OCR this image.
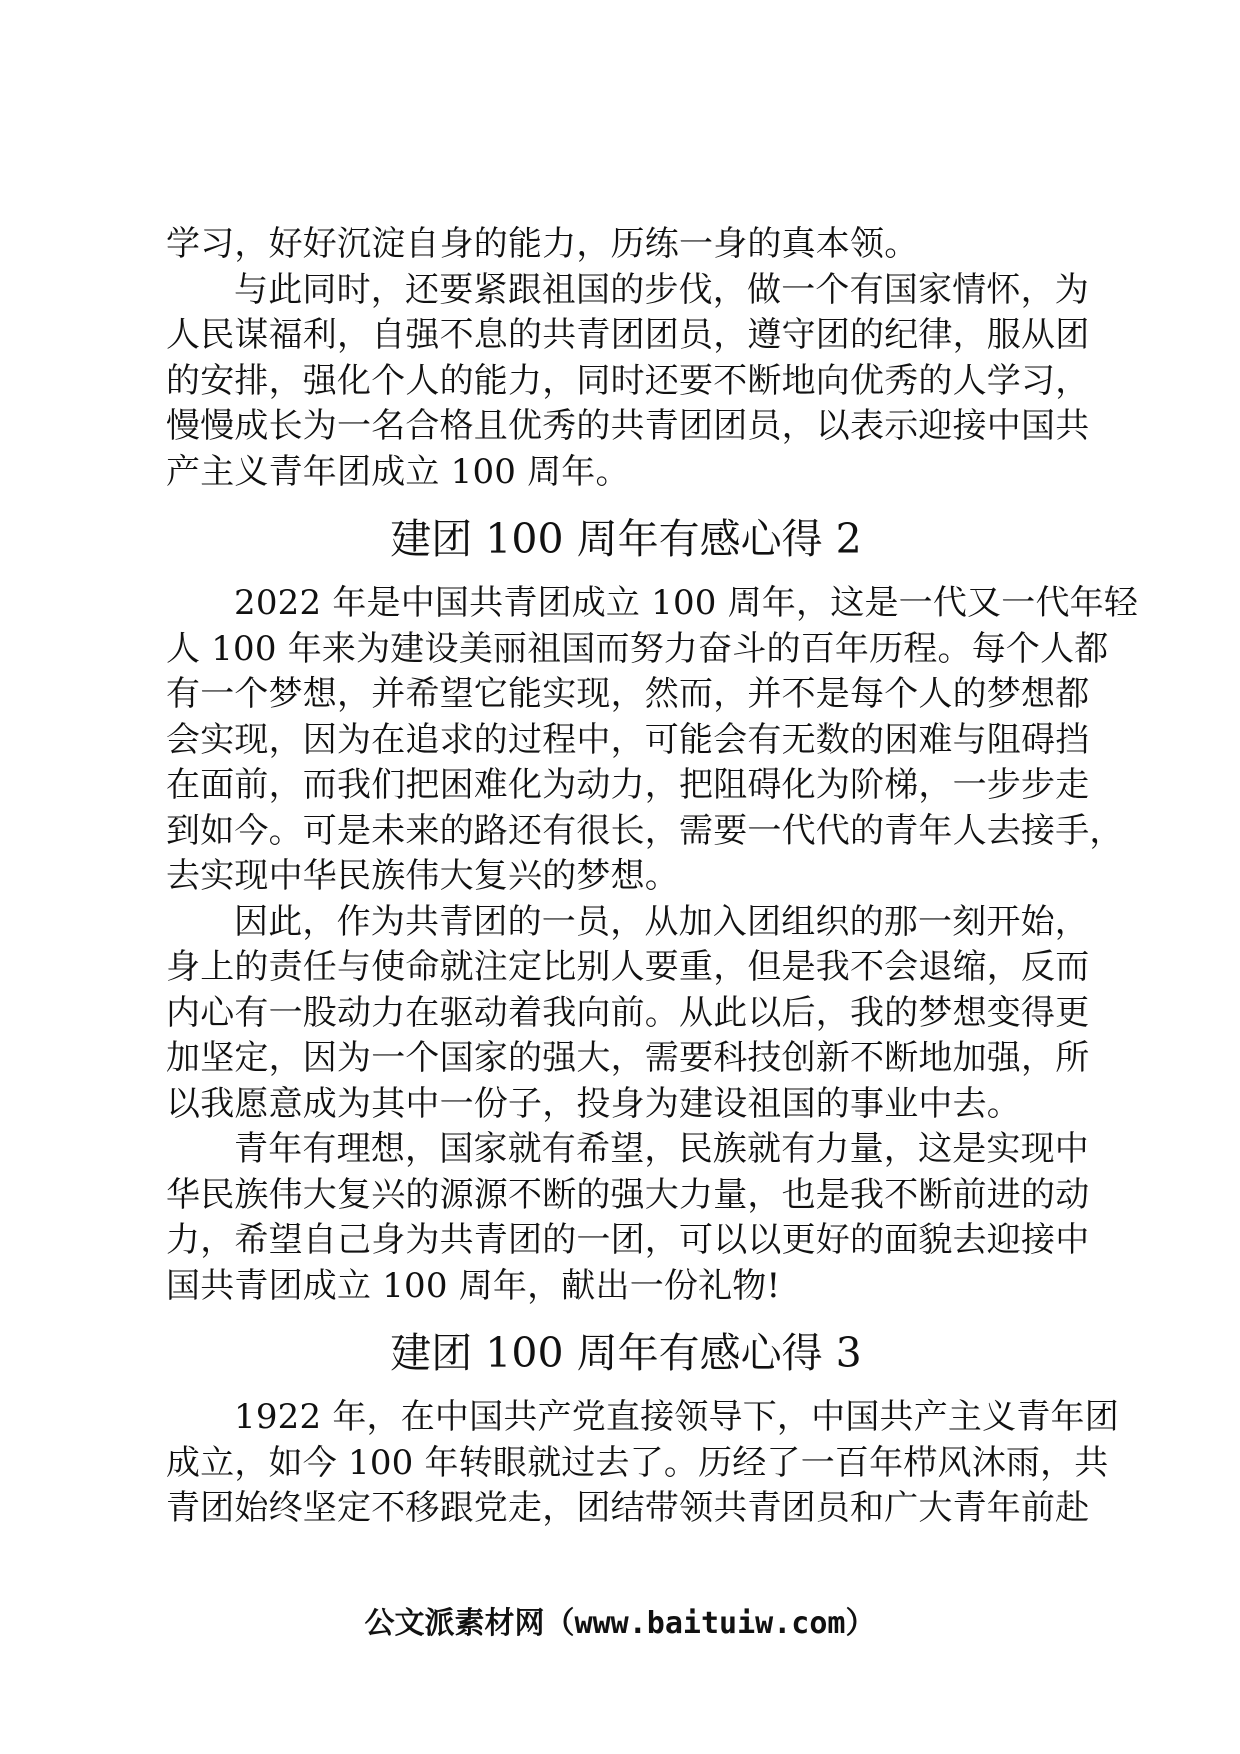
学习，好好沉淀自身的能力，历练一身的真本领。
与此同时，还要紧跟祖国的步伐，做一个有国家情怀，为
人民谋福利，自强不息的共青团团员，遵守团的纪律，服从团
的安排，强化个人的能力，同时还要不断地向优秀的人学习，
慢慢成长为一名合格且优秀的共青团团员，以表示迎接中国共
产主义青年团成立 100 周年。
建团 100 周年有感心得 2
2022 年是中国共青团成立 100 周年，这是一代又一代年轻
人 100 年来为建设美丽祖国而努力奋斗的百年历程。每个人都
有一个梦想，并希望它能实现，然而，并不是每个人的梦想都
会实现，因为在追求的过程中，可能会有无数的困难与阻碍挡
在面前，而我们把困难化为动力，把阻碍化为阶梯，一步步走
到如今。可是未来的路还有很长，需要一代代的青年人去接手，
去实现中华民族伟大复兴的梦想。
因此，作为共青团的一员，从加入团组织的那一刻开始，
身上的责任与使命就注定比别人要重，但是我不会退缩，反而
内心有一股动力在驱动着我向前。从此以后，我的梦想变得更
加坚定，因为一个国家的强大，需要科技创新不断地加强，所
以我愿意成为其中一份子，投身为建设祖国的事业中去。
青年有理想，国家就有希望，民族就有力量，这是实现中
华民族伟大复兴的源源不断的强大力量，也是我不断前进的动
力，希望自己身为共青团的一团，可以以更好的面貌去迎接中
国共青团成立 100 周年，献出一份礼物!
建团 100 周年有感心得 3
1922 年，在中国共产党直接领导下，中国共产主义青年团
成立，如今 100 年转眼就过去了。历经了一百年栉风沐雨，共
青团始终坚定不移跟党走，团结带领共青团员和广大青年前赴
公文派素材网（www.baituiw.com）
